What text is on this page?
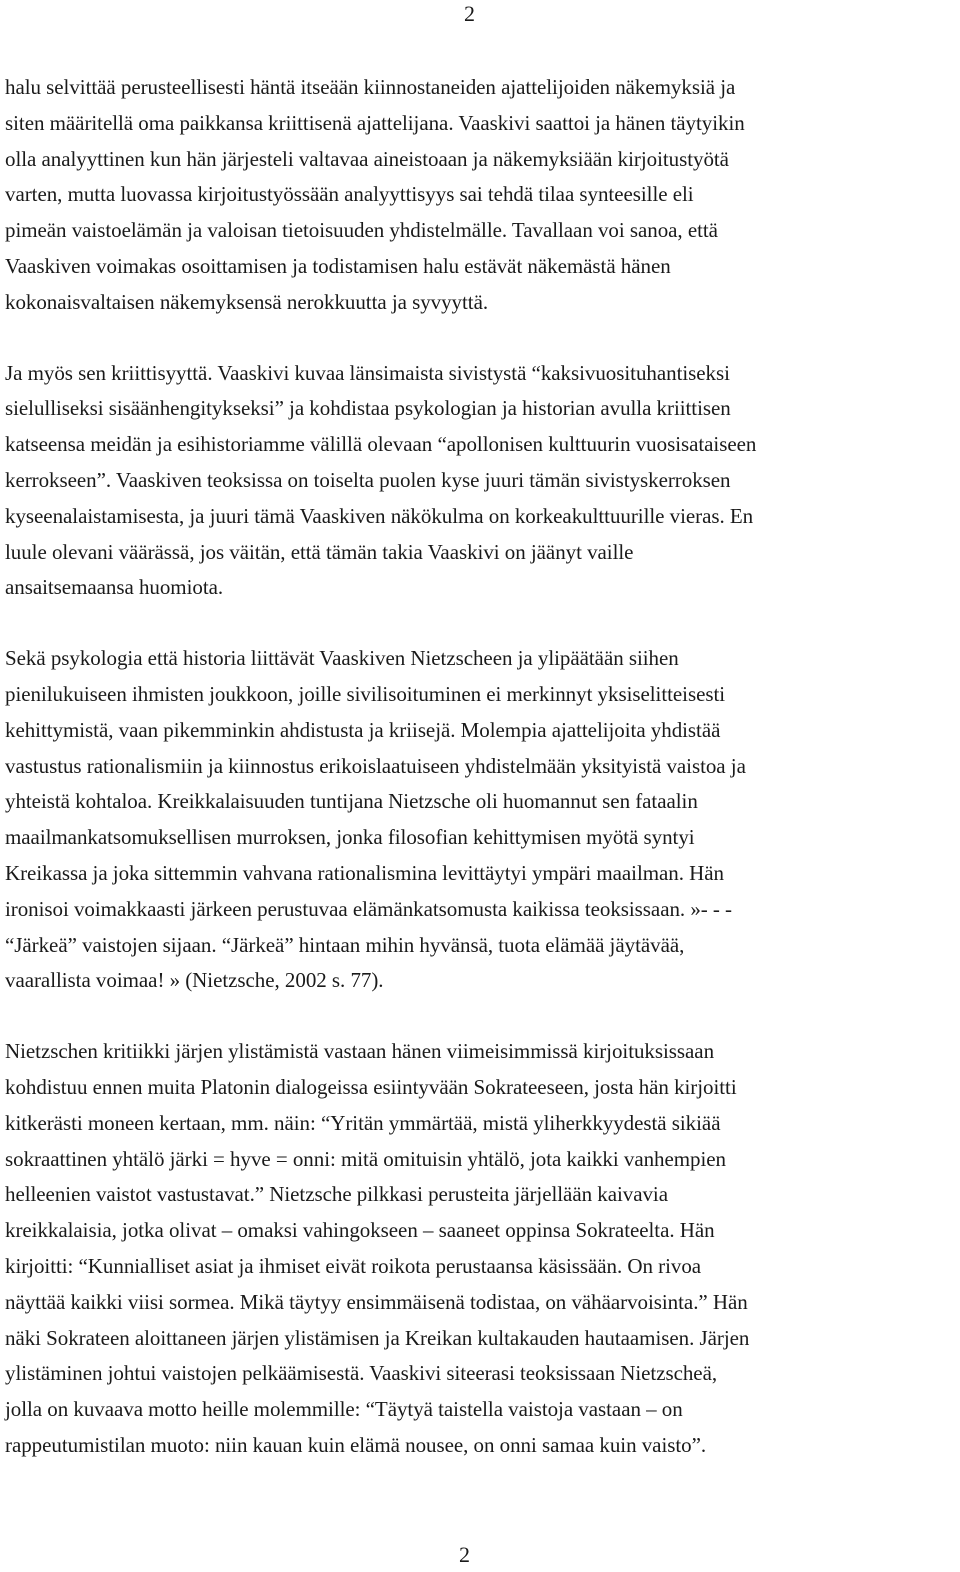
2

halu selvittää perusteellisesti häntä itseään kiinnostaneiden ajattelijoiden näkemyksiä ja
siten määritellä oma paikkansa kriittisenä ajattelijana. Vaaskivi saattoi ja hänen täytyikin
olla analyyttinen kun hän järjesteli valtavaa aineistoaan ja näkemyksiään kirjoitustyötä
varten, mutta luovassa kirjoitustyössään analyyttisyys sai tehdä tilaa synteesille eli
pimeän vaistoelämän ja valoisan tietoisuuden yhdistelmälle. Tavallaan voi sanoa, että
Vaaskiven voimakas osoittamisen ja todistamisen halu estävät näkemästä hänen
kokonaisvaltaisen näkemyksensä nerokkuutta ja syvyyttä.

Ja myös sen kriittisyyttä. Vaaskivi kuvaa länsimaista sivistystä “kaksivuosituhantiseksi
sielulliseksi sisäänhengitykseksi” ja kohdistaa psykologian ja historian avulla kriittisen
katseensa meidän ja esihistoriamme välillä olevaan “apollonisen kulttuurin vuosisataiseen
kerrokseen”. Vaaskiven teoksissa on toiselta puolen kyse juuri tämän sivistyskerroksen
kyseenalaistamisesta, ja juuri tämä Vaaskiven näkökulma on korkeakulttuurille vieras. En
luule olevani väärässä, jos väitän, että tämän takia Vaaskivi on jäänyt vaille
ansaitsemaansa huomiota.

Sekä psykologia että historia liittävät Vaaskiven Nietzscheen ja ylipäätään siihen
pienilukuiseen ihmisten joukkoon, joille sivilisoituminen ei merkinnyt yksiselitteisesti
kehittymistä, vaan pikemminkin ahdistusta ja kriisejä. Molempia ajattelijoita yhdistää
vastustus rationalismiin ja kiinnostus erikoislaatuiseen yhdistelmään yksityistä vaistoa ja
yhteistä kohtaloa. Kreikkalaisuuden tuntijana Nietzsche oli huomannut sen fataalin
maailmankatsomuksellisen murroksen, jonka filosofian kehittymisen myötä syntyi
Kreikassa ja joka sittemmin vahvana rationalismina levittäytyi ympäri maailman. Hän
ironisoi voimakkaasti järkeen perustuvaa elämänkatsomusta kaikissa teoksissaan. »- - -
“Järkeä” vaistojen sijaan. “Järkeä” hintaan mihin hyvänsä, tuota elämää jäytävää,
vaarallista voimaa! » (Nietzsche, 2002 s. 77).

Nietzschen kritiikki järjen ylistämistä vastaan hänen viimeisimmissä kirjoituksissaan
kohdistuu ennen muita Platonin dialogeissa esiintyvään Sokrateeseen, josta hän kirjoitti
kitkerästi moneen kertaan, mm. näin: “Yritän ymmärtää, mistä yliherkkyydestä sikiää
sokraattinen yhtälö järki = hyve = onni: mitä omituisin yhtälö, jota kaikki vanhempien
helleenien vaistot vastustavat.” Nietzsche pilkkasi perusteita järjellään kaivavia
kreikkalaisia, jotka olivat – omaksi vahingokseen – saaneet oppinsa Sokrateelta. Hän
kirjoitti: “Kunnialliset asiat ja ihmiset eivät roikota perustaansa käsissään. On rivoa
näyttää kaikki viisi sormea. Mikä täytyy ensimmäisenä todistaa, on vähäarvoisinta.” Hän
näki Sokrateen aloittaneen järjen ylistämisen ja Kreikan kultakauden hautaamisen. Järjen
ylistäminen johtui vaistojen pelkäämisestä. Vaaskivi siteerasi teoksissaan Nietzscheä,
jolla on kuvaava motto heille molemmille: “Täytyä taistella vaistoja vastaan – on
rappeutumistilan muoto: niin kauan kuin elämä nousee, on onni samaa kuin vaisto”.

2
